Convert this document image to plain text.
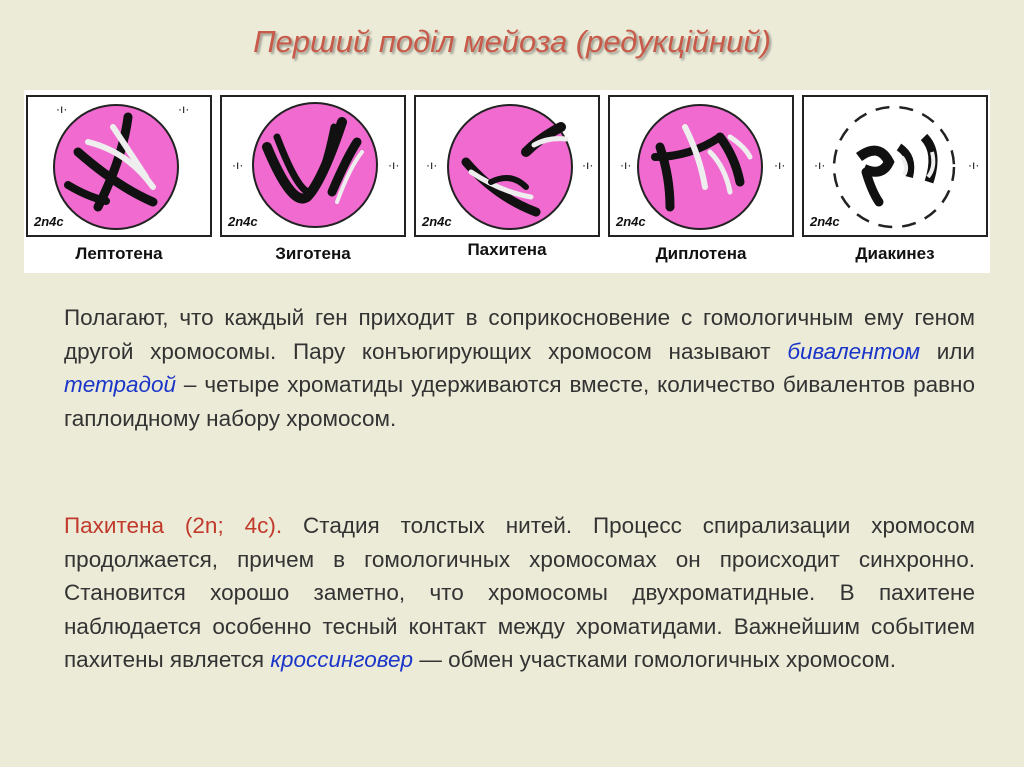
Перший поділ мейоза (редукційний)
·ı·	·ı·
2n4c
·ı·	·ı·
2n4c
·ı·	·ı·
2n4c
·ı·	·ı·
2n4c
·ı·	·ı·
2n4c
Лептотена	Зиготена	Пахитена	Диплотена	Диакинез
Полагают, что каждый ген приходит в соприкосновение с гомологичным ему геном другой хромосомы. Пару конъюгирующих хромосом называют бивалентом или тетрадой – четыре хроматиды удерживаются вместе, количество бивалентов равно гаплоидному набору хромосом.
Пахитена (2n; 4c). Стадия толстых нитей. Процесс спирализации хромосом продолжается, причем в гомологичных хромосомах он происходит синхронно. Становится хорошо заметно, что хромосомы двухроматидные. В пахитене наблюдается особенно тесный контакт между хроматидами. Важнейшим событием пахитены является кроссинговер — обмен участками гомологичных хромосом.
